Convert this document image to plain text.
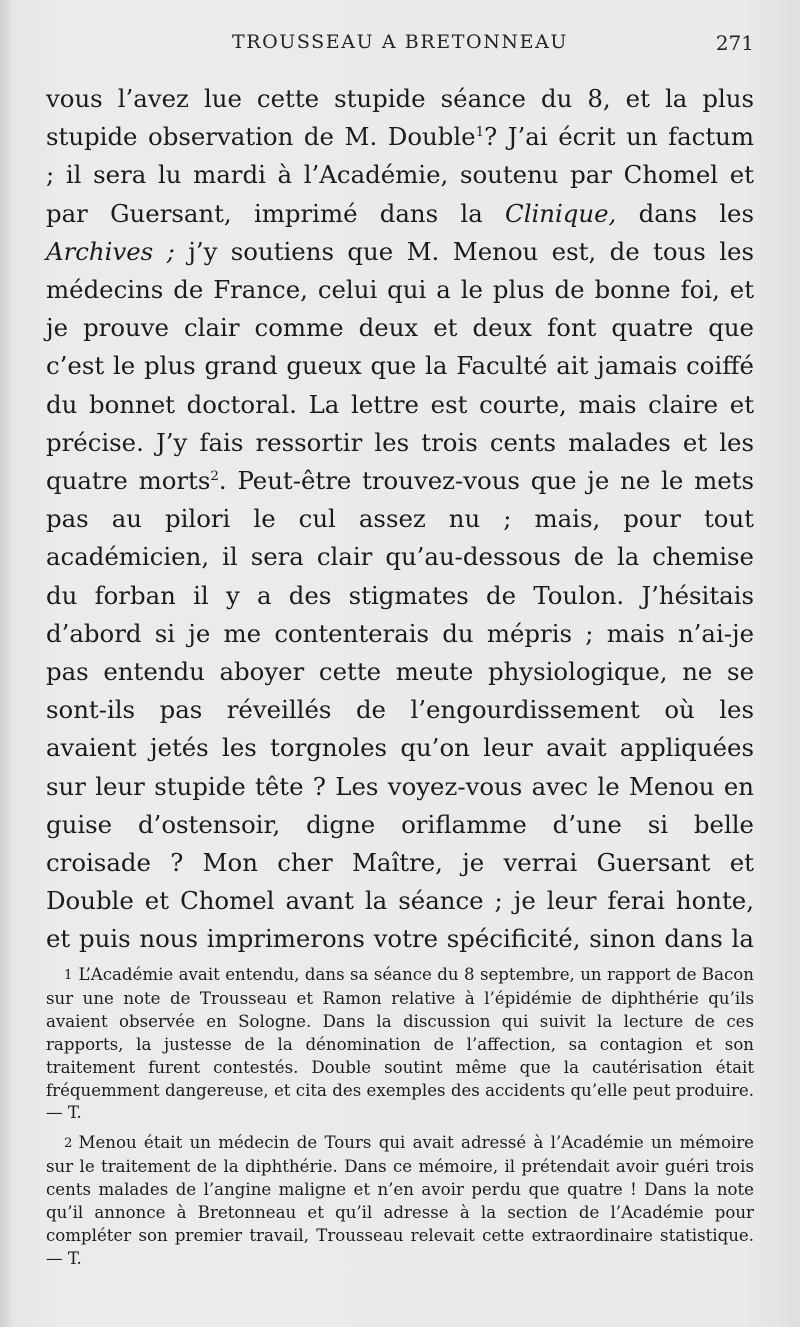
TROUSSEAU A BRETONNEAU	271

vous l’avez lue cette stupide séance du 8, et la plus stupide observation de M. Double$^1$? J’ai écrit un factum ; il sera lu mardi à l’Académie, soutenu par Chomel et par Guersant, imprimé dans la Clinique, dans les Archives ; j’y soutiens que M. Menou est, de tous les médecins de France, celui qui a le plus de bonne foi, et je prouve clair comme deux et deux font quatre que c’est le plus grand gueux que la Faculté ait jamais coiffé du bonnet doctoral. La lettre est courte, mais claire et précise. J’y fais ressortir les trois cents malades et les quatre morts$^2$. Peut-être trouvez-vous que je ne le mets pas au pilori le cul assez nu ; mais, pour tout académicien, il sera clair qu’au-dessous de la chemise du forban il y a des stigmates de Toulon. J’hésitais d’abord si je me contenterais du mépris ; mais n’ai-je pas entendu aboyer cette meute physiologique, ne se sont-ils pas réveillés de l’engourdissement où les avaient jetés les torgnoles qu’on leur avait appliquées sur leur stupide tête ? Les voyez-vous avec le Menou en guise d’ostensoir, digne oriflamme d’une si belle croisade ? Mon cher Maître, je verrai Guersant et Double et Chomel avant la séance ; je leur ferai honte, et puis nous imprimerons votre spécificité, sinon dans la

1 L’Académie avait entendu, dans sa séance du 8 septembre, un rapport de Bacon sur une note de Trousseau et Ramon relative à l’épidémie de diphthérie qu’ils avaient observée en Sologne. Dans la discussion qui suivit la lecture de ces rapports, la justesse de la dénomination de l’affection, sa contagion et son traitement furent contestés. Double soutint même que la cautérisation était fréquemment dangereuse, et cita des exemples des accidents qu’elle peut produire. — T.

2 Menou était un médecin de Tours qui avait adressé à l’Académie un mémoire sur le traitement de la diphthérie. Dans ce mémoire, il prétendait avoir guéri trois cents malades de l’angine maligne et n’en avoir perdu que quatre ! Dans la note qu’il annonce à Bretonneau et qu’il adresse à la section de l’Académie pour compléter son premier travail, Trousseau relevait cette extraordinaire statistique. — T.
